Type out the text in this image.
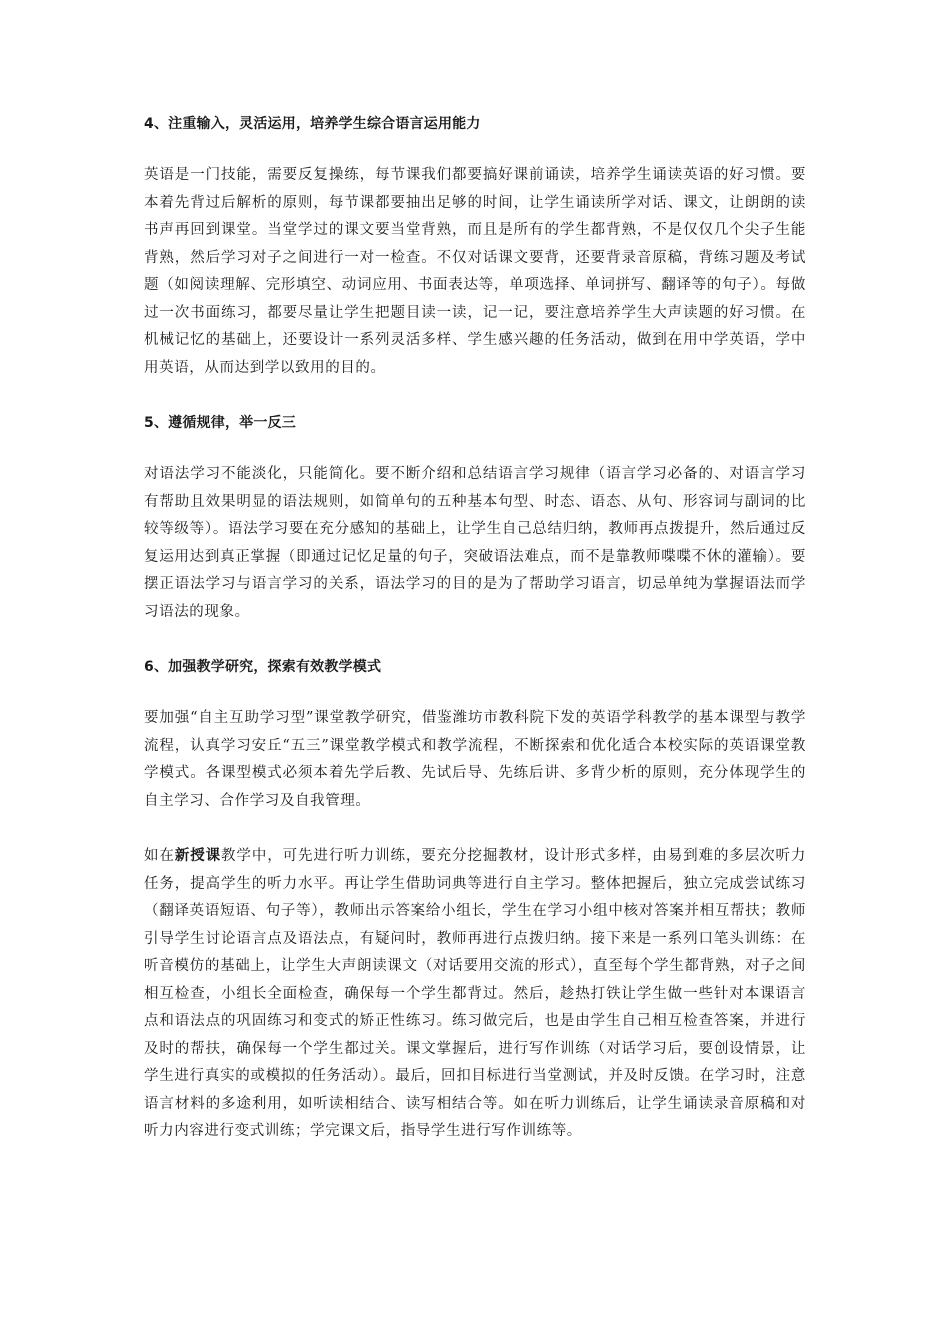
4、注重输入，灵活运用，培养学生综合语言运用能力

英语是一门技能，需要反复操练，每节课我们都要搞好课前诵读，培养学生诵读英语的好习惯。要本着先背过后解析的原则，每节课都要抽出足够的时间，让学生诵读所学对话、课文，让朗朗的读书声再回到课堂。当堂学过的课文要当堂背熟，而且是所有的学生都背熟，不是仅仅几个尖子生能背熟，然后学习对子之间进行一对一检查。不仅对话课文要背，还要背录音原稿，背练习题及考试题（如阅读理解、完形填空、动词应用、书面表达等，单项选择、单词拼写、翻译等的句子）。每做过一次书面练习，都要尽量让学生把题目读一读，记一记，要注意培养学生大声读题的好习惯。在机械记忆的基础上，还要设计一系列灵活多样、学生感兴趣的任务活动，做到在用中学英语，学中用英语，从而达到学以致用的目的。

5、遵循规律，举一反三

对语法学习不能淡化，只能简化。要不断介绍和总结语言学习规律（语言学习必备的、对语言学习有帮助且效果明显的语法规则，如简单句的五种基本句型、时态、语态、从句、形容词与副词的比较等级等）。语法学习要在充分感知的基础上，让学生自己总结归纳，教师再点拨提升，然后通过反复运用达到真正掌握（即通过记忆足量的句子，突破语法难点，而不是靠教师喋喋不休的灌输）。要摆正语法学习与语言学习的关系，语法学习的目的是为了帮助学习语言，切忌单纯为掌握语法而学习语法的现象。

6、加强教学研究，探索有效教学模式

要加强“自主互助学习型”课堂教学研究，借鉴潍坊市教科院下发的英语学科教学的基本课型与教学流程，认真学习安丘“五三”课堂教学模式和教学流程，不断探索和优化适合本校实际的英语课堂教学模式。各课型模式必须本着先学后教、先试后导、先练后讲、多背少析的原则，充分体现学生的自主学习、合作学习及自我管理。

如在新授课教学中，可先进行听力训练，要充分挖掘教材，设计形式多样，由易到难的多层次听力任务，提高学生的听力水平。再让学生借助词典等进行自主学习。整体把握后，独立完成尝试练习（翻译英语短语、句子等），教师出示答案给小组长，学生在学习小组中核对答案并相互帮扶；教师引导学生讨论语言点及语法点，有疑问时，教师再进行点拨归纳。接下来是一系列口笔头训练：在听音模仿的基础上，让学生大声朗读课文（对话要用交流的形式），直至每个学生都背熟，对子之间相互检查，小组长全面检查，确保每一个学生都背过。然后，趁热打铁让学生做一些针对本课语言点和语法点的巩固练习和变式的矫正性练习。练习做完后，也是由学生自己相互检查答案，并进行及时的帮扶，确保每一个学生都过关。课文掌握后，进行写作训练（对话学习后，要创设情景，让学生进行真实的或模拟的任务活动）。最后，回扣目标进行当堂测试，并及时反馈。在学习时，注意语言材料的多途利用，如听读相结合、读写相结合等。如在听力训练后，让学生诵读录音原稿和对听力内容进行变式训练；学完课文后，指导学生进行写作训练等。
